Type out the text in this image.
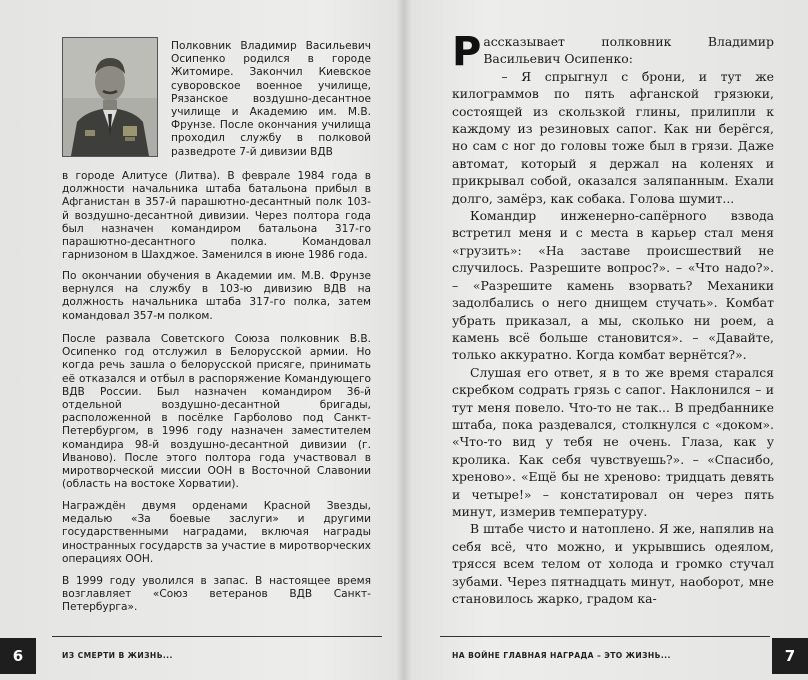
Полковник Владимир Васильевич Осипенко родился в городе Житомире. Закончил Киевское суворовское военное училище, Рязанское воздушно-десантное училище и Академию им. М.В. Фрунзе. После окончания училища проходил службу в полковой разведроте 7-й дивизии ВДВ

в городе Алитусе (Литва). В феврале 1984 года в должности начальника штаба батальона прибыл в Афганистан в 357-й парашютно-десантный полк 103-й воздушно-десантной дивизии. Через полтора года был назначен командиром батальона 317-го парашютно-десантного полка. Командовал гарнизоном в Шахджое. Заменился в июне 1986 года.

По окончании обучения в Академии им. М.В. Фрунзе вернулся на службу в 103-ю дивизию ВДВ на должность начальника штаба 317-го полка, затем командовал 357-м полком.

После развала Советского Союза полковник В.В. Осипенко год отслужил в Белорусской армии. Но когда речь зашла о белорусской присяге, принимать её отказался и отбыл в распоряжение Командующего ВДВ России. Был назначен командиром 36-й отдельной воздушно-десантной бригады, расположенной в посёлке Гарболово под Санкт-Петербургом, в 1996 году назначен заместителем командира 98-й воздушно-десантной дивизии (г. Иваново). После этого полтора года участвовал в миротворческой миссии ООН в Восточной Славонии (область на востоке Хорватии).

Награждён двумя орденами Красной Звезды, медалью «За боевые заслуги» и другими государственными наградами, включая награды иностранных государств за участие в миротворческих операциях ООН.

В 1999 году уволился в запас. В настоящее время возглавляет «Союз ветеранов ВДВ Санкт-Петербурга».

6	ИЗ СМЕРТИ В ЖИЗНЬ...

Рассказывает полковник Владимир Васильевич Осипенко:

– Я спрыгнул с брони, и тут же килограммов по пять афганской грязюки, состоящей из скользкой глины, прилипли к каждому из резиновых сапог. Как ни берёгся, но сам с ног до головы тоже был в грязи. Даже автомат, который я держал на коленях и прикрывал собой, оказался заляпанным. Ехали долго, замёрз, как собака. Голова шумит...

Командир инженерно-сапёрного взвода встретил меня и с места в карьер стал меня «грузить»: «На заставе происшествий не случилось. Разрешите вопрос?». – «Что надо?». – «Разрешите камень взорвать? Механики задолбались о него днищем стучать». Комбат убрать приказал, а мы, сколько ни роем, а камень всё больше становится». – «Давайте, только аккуратно. Когда комбат вернётся?».

Слушая его ответ, я в то же время старался скребком содрать грязь с сапог. Наклонился – и тут меня повело. Что-то не так... В предбаннике штаба, пока раздевался, столкнулся с «доком». «Что-то вид у тебя не очень. Глаза, как у кролика. Как себя чувствуешь?». – «Спасибо, хреново». «Ещё бы не хреново: тридцать девять и четыре!» – констатировал он через пять минут, измерив температуру.

В штабе чисто и натоплено. Я же, напялив на себя всё, что можно, и укрывшись одеялом, трясся всем телом от холода и громко стучал зубами. Через пятнадцать минут, наоборот, мне становилось жарко, градом ка-

НА ВОЙНЕ ГЛАВНАЯ НАГРАДА – ЭТО ЖИЗНЬ...	7
